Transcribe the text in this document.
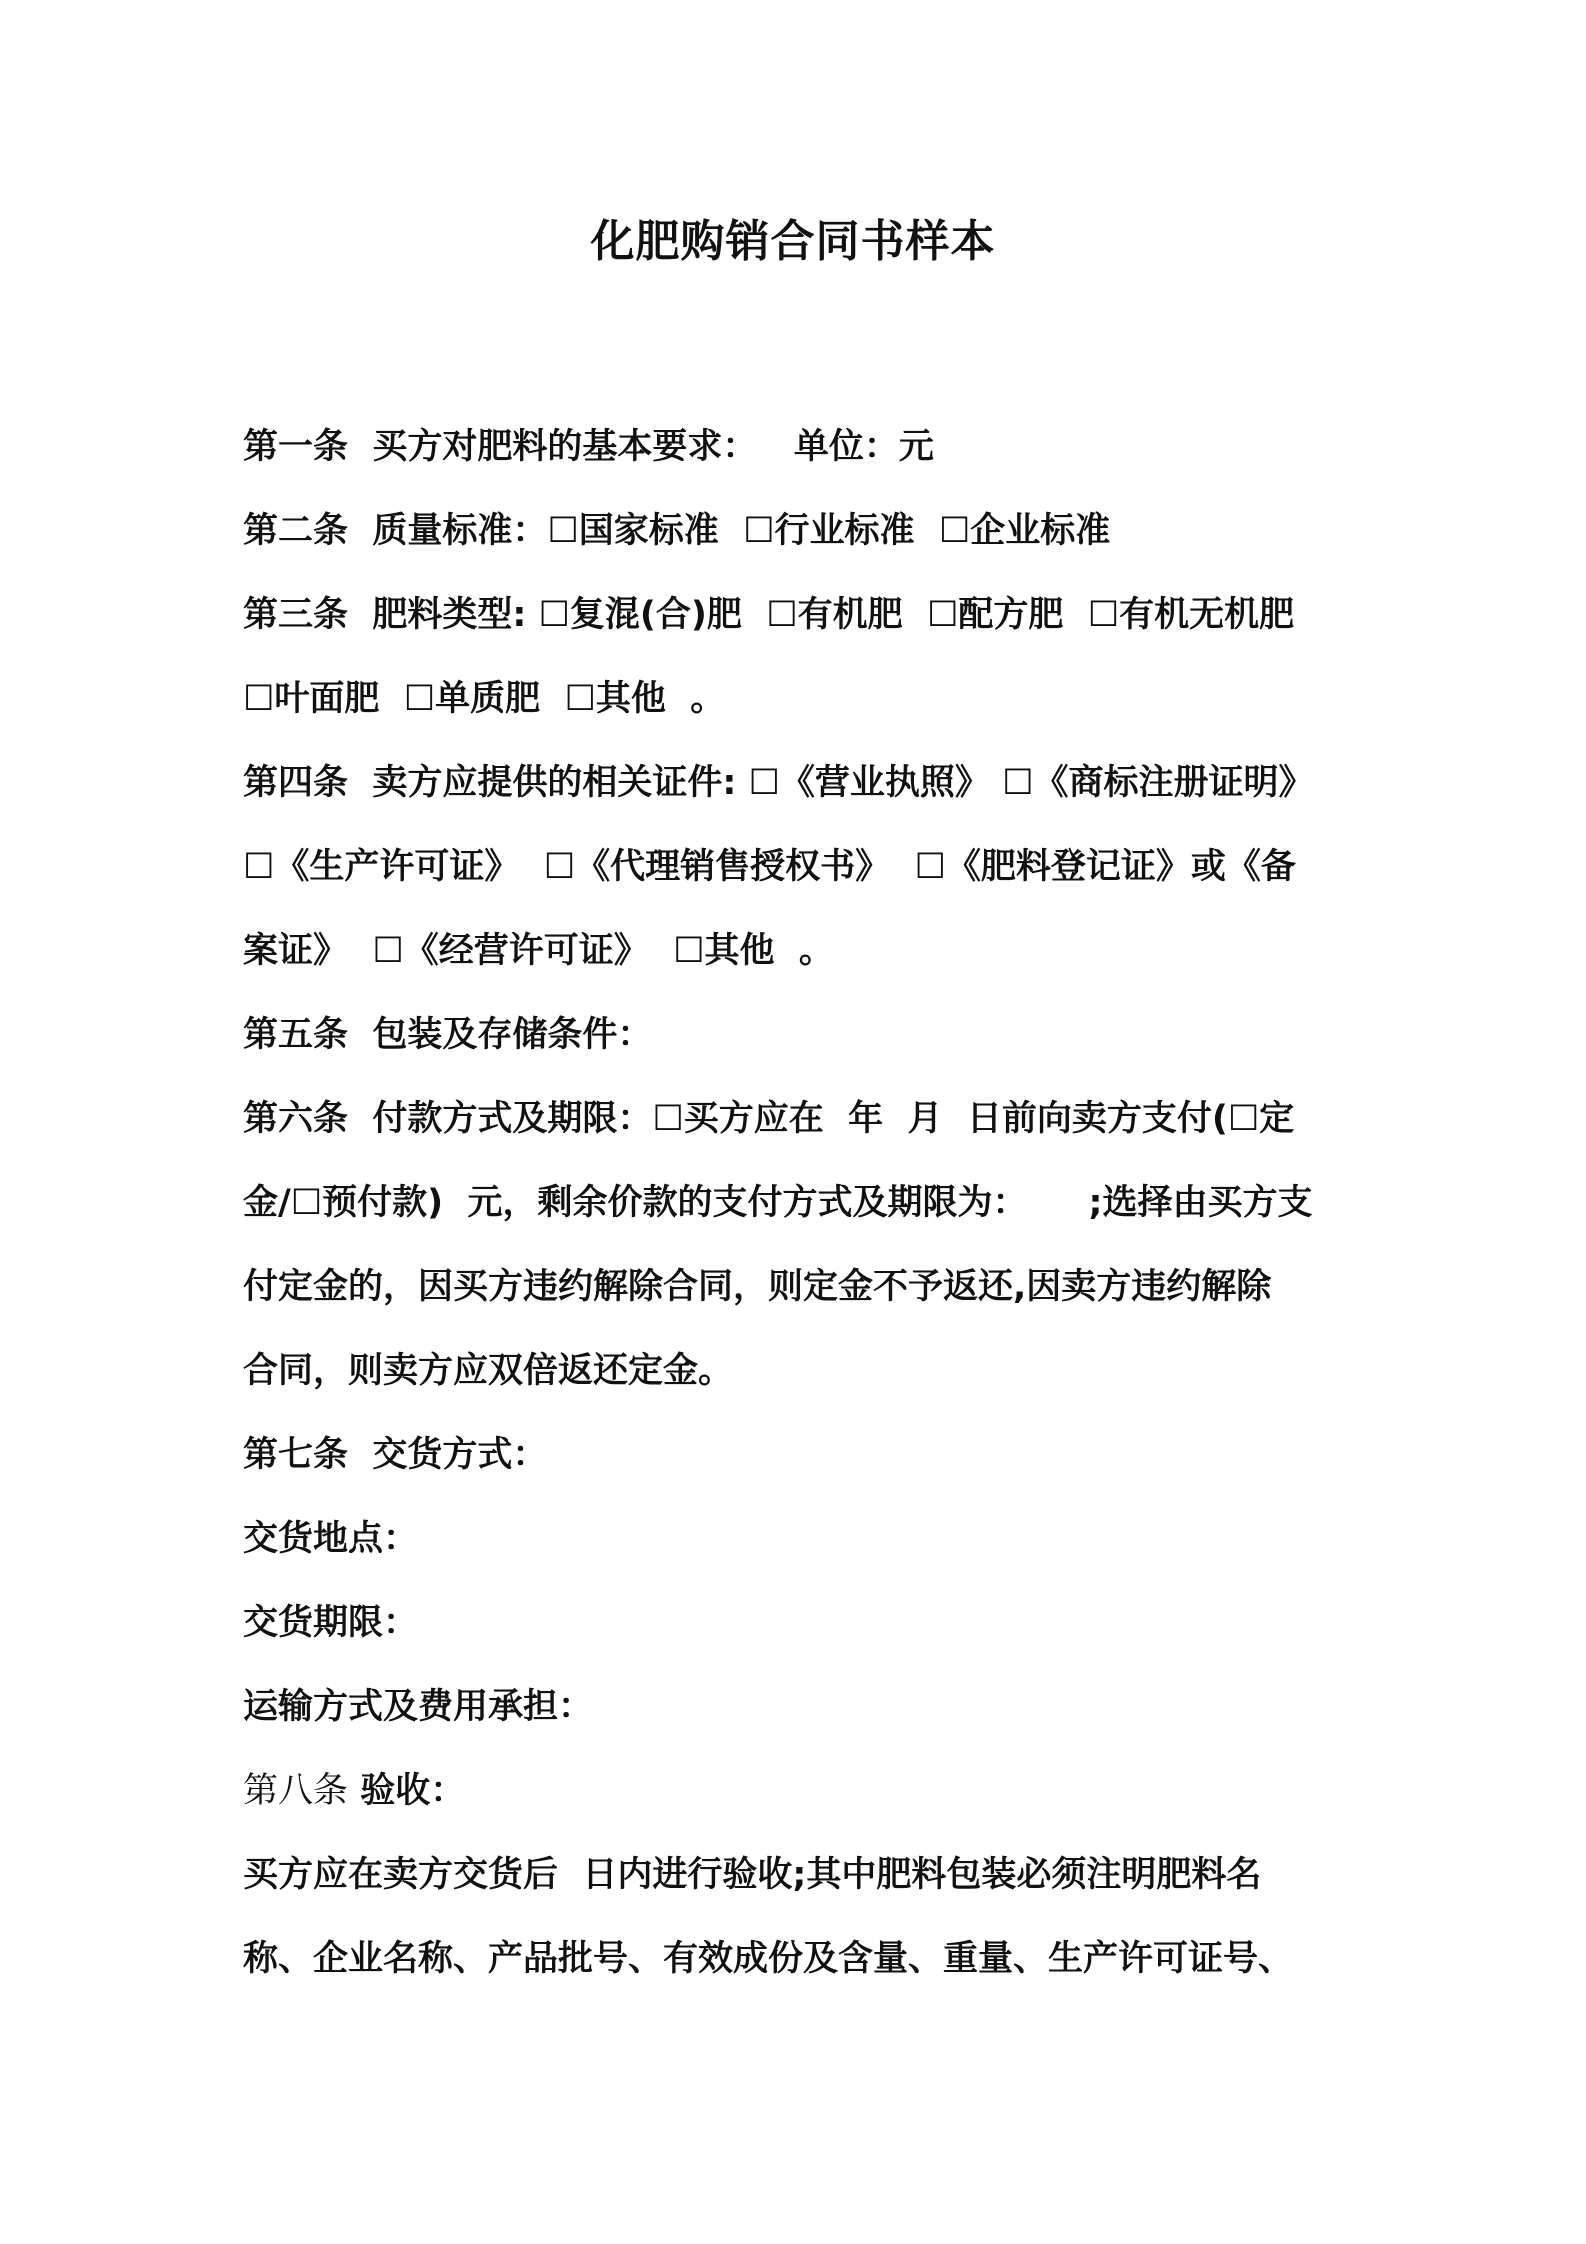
化肥购销合同书样本
第一条  买方对肥料的基本要求：   单位：元
第二条  质量标准：☐国家标准  ☐行业标准  ☐企业标准
第三条  肥料类型: ☐复混(合)肥  ☐有机肥  ☐配方肥  ☐有机无机肥
☐叶面肥  ☐单质肥  ☐其他  。
第四条  卖方应提供的相关证件: ☐《营业执照》 ☐《商标注册证明》
☐《生产许可证》  ☐《代理销售授权书》  ☐《肥料登记证》或《备
案证》  ☐《经营许可证》  ☐其他  。
第五条  包装及存储条件：
第六条  付款方式及期限：☐买方应在  年  月  日前向卖方支付(☐定
金/☐预付款)  元，剩余价款的支付方式及期限为：     ;选择由买方支
付定金的，因买方违约解除合同，则定金不予返还,因卖方违约解除
合同，则卖方应双倍返还定金。
第七条  交货方式：
交货地点：
交货期限：
运输方式及费用承担：
第八条 验收：
买方应在卖方交货后  日内进行验收;其中肥料包装必须注明肥料名
称、企业名称、产品批号、有效成份及含量、重量、生产许可证号、
